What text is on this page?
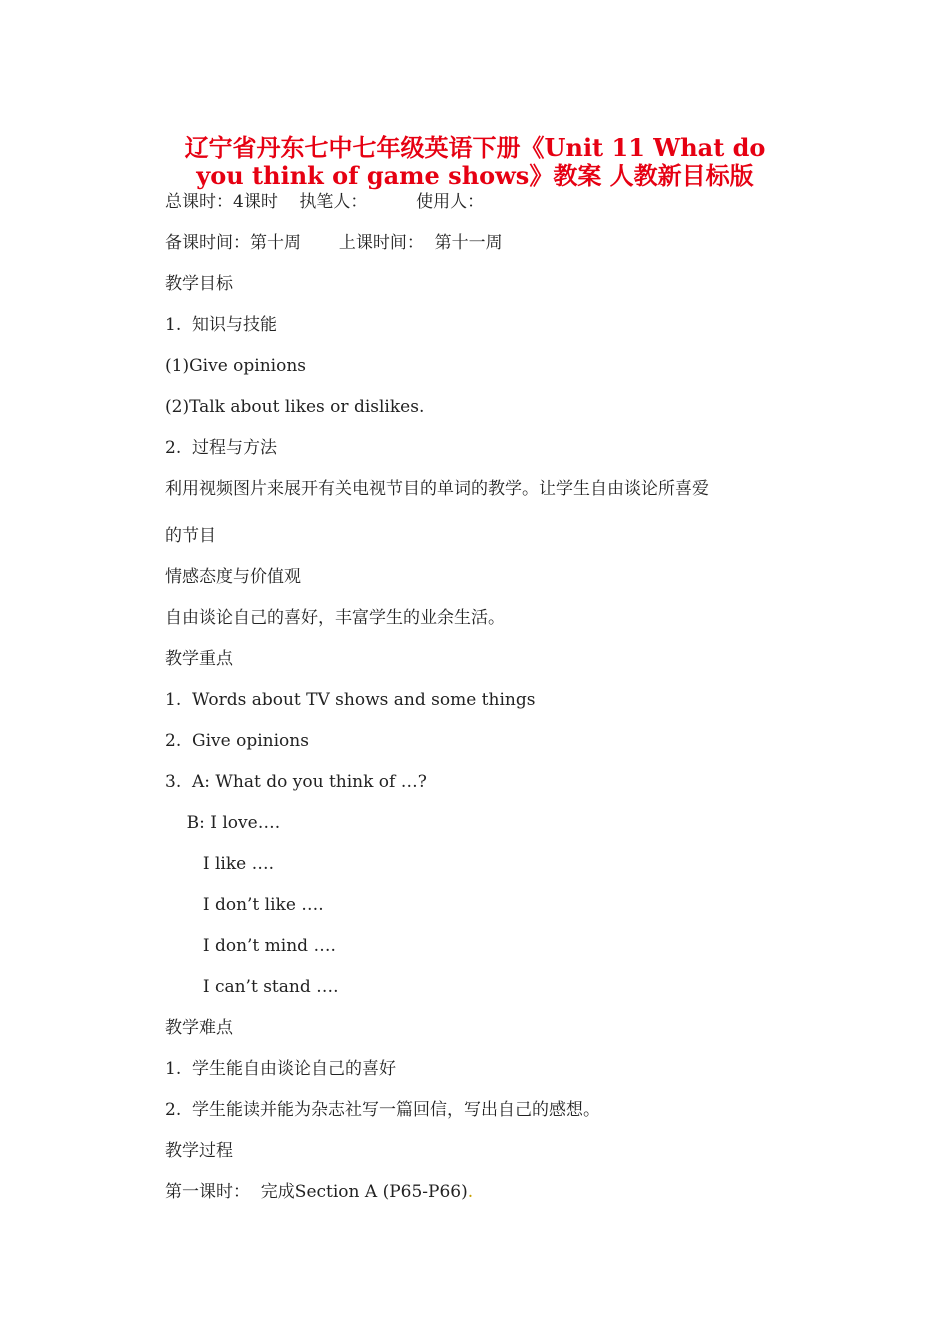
辽宁省丹东七中七年级英语下册《Unit 11 What do
you think of game shows》教案 人教新目标版

总课时：4课时    执笔人：         使用人：

备课时间：第十周       上课时间：  第十一周

教学目标

1.  知识与技能

(1)Give opinions

(2)Talk about likes or dislikes.

2.  过程与方法

利用视频图片来展开有关电视节目的单词的教学。让学生自由谈论所喜爱

的节目

情感态度与价值观

自由谈论自己的喜好，丰富学生的业余生活。

教学重点

1.  Words about TV shows and some things

2.  Give opinions

3.  A: What do you think of …?

B: I love….

I like ….

I don’t like ….

I don’t mind ….

I can’t stand ….

教学难点

1.  学生能自由谈论自己的喜好

2.  学生能读并能为杂志社写一篇回信，写出自己的感想。

教学过程

第一课时：  完成Section A (P65-P66).
